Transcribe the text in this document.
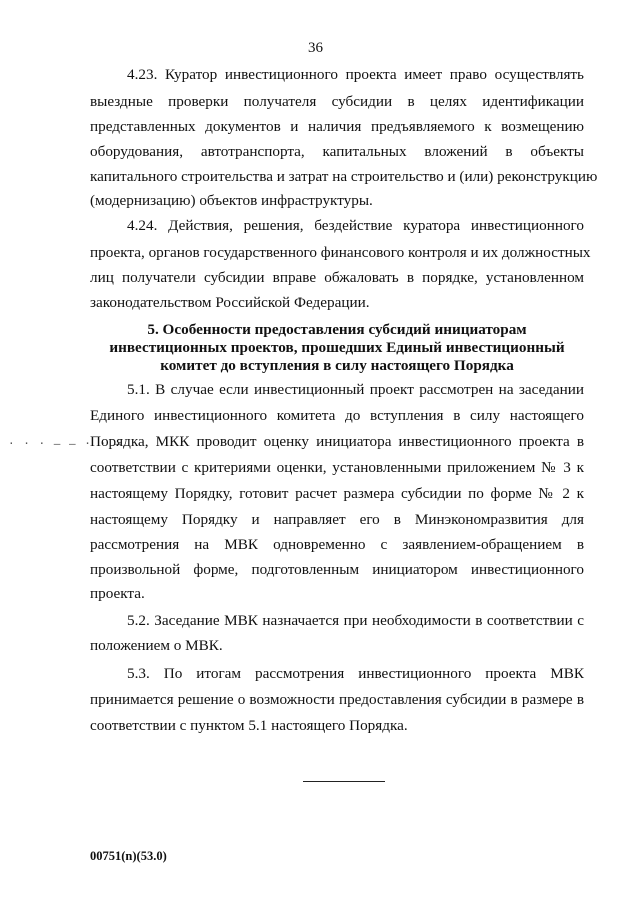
36
· · · — — · · —
4.23. Куратор инвестиционного проекта имеет право осуществлять
выездные проверки получателя субсидии в целях идентификации
представленных документов и наличия предъявляемого к возмещению
оборудования, автотранспорта, капитальных вложений в объекты
капитального строительства и затрат на строительство и (или) реконструкцию
(модернизацию) объектов инфраструктуры.
4.24. Действия, решения, бездействие куратора инвестиционного
проекта, органов государственного финансового контроля и их должностных
лиц получатели субсидии вправе обжаловать в порядке, установленном
законодательством Российской Федерации.
5. Особенности предоставления субсидий инициаторам
инвестиционных проектов, прошедших Единый инвестиционный
комитет до вступления в силу настоящего Порядка
5.1. В случае если инвестиционный проект рассмотрен на заседании
Единого инвестиционного комитета до вступления в силу настоящего
Порядка, МКК проводит оценку инициатора инвестиционного проекта в
соответствии с критериями оценки, установленными приложением № 3 к
настоящему Порядку, готовит расчет размера субсидии по форме № 2 к
настоящему Порядку и направляет его в Минэкономразвития для
рассмотрения на МВК одновременно с заявлением-обращением в
произвольной форме, подготовленным инициатором инвестиционного
проекта.
5.2. Заседание МВК назначается при необходимости в соответствии с
положением о МВК.
5.3. По итогам рассмотрения инвестиционного проекта МВК
принимается решение о возможности предоставления субсидии в размере в
соответствии с пунктом 5.1 настоящего Порядка.
00751(n)(53.0)
